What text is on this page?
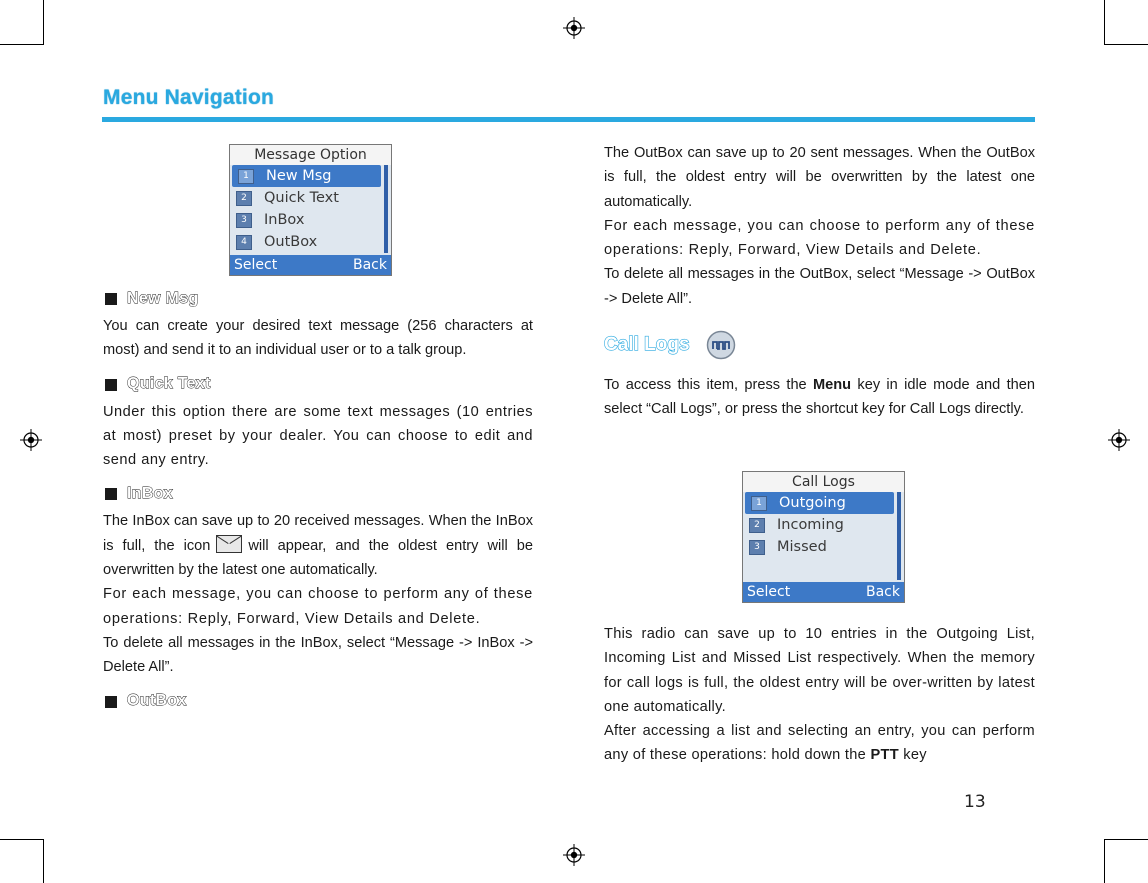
Menu Navigation
Message Option
1	New Msg
2	Quick Text
3	InBox
4	OutBox
Select	Back
New Msg

You can create your desired text message (256 characters at most) and send it to an individual user or to a talk group.

Quick Text

Under this option there are some text messages (10 entries at most) preset by your dealer. You can choose to edit and send any entry.

InBox

The InBox can save up to 20 received messages. When the InBox is full, the icon	will appear, and the oldest entry will be overwritten by the latest one automatically.

For each message, you can choose to perform any of these operations: Reply, Forward, View Details and Delete.

To delete all messages in the InBox, select “Message -> InBox -> Delete All”.

OutBox

The OutBox can save up to 20 sent messages. When the OutBox is full, the oldest entry will be overwritten by the latest one automatically.

For each message, you can choose to perform any of these operations: Reply, Forward, View Details and Delete.

To delete all messages in the OutBox, select “Message -> OutBox -> Delete All”.

Call Logs

To access this item, press the Menu key in idle mode and then select “Call Logs”, or press the shortcut key for Call Logs directly.

Call Logs
1	Outgoing
2	Incoming
3	Missed
Select	Back

This radio can save up to 10 entries in the Outgoing List, Incoming List and Missed List respectively. When the memory for call logs is full, the oldest entry will be over-written by latest one automatically.

After accessing a list and selecting an entry, you can perform any of these operations: hold down the PTT key

13
